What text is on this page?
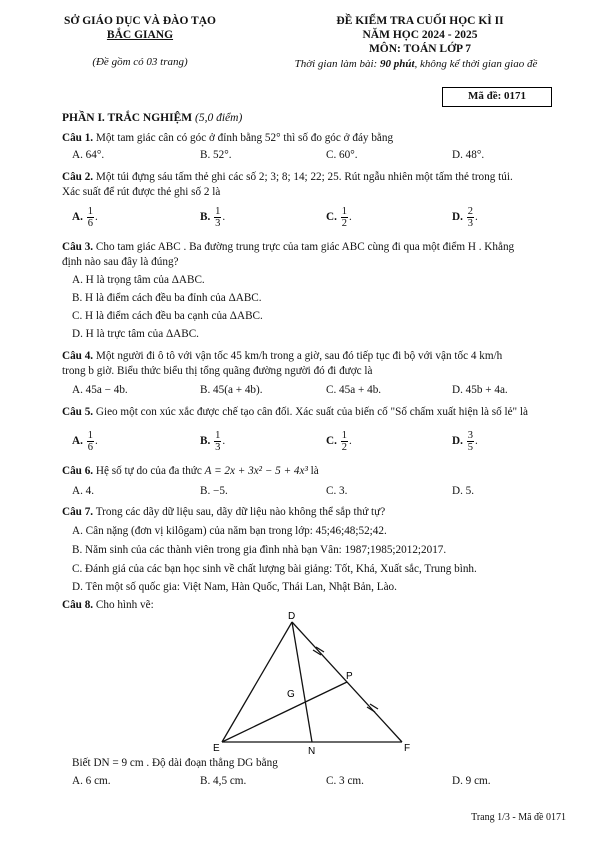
SỞ GIÁO DỤC VÀ ĐÀO TẠO
BẮC GIANG
(Đề gồm có 03 trang)
ĐỀ KIỂM TRA CUỐI HỌC KÌ II
NĂM HỌC 2024 - 2025
MÔN: TOÁN LỚP 7
Thời gian làm bài: 90 phút, không kể thời gian giao đề
Mã đề: 0171
PHẦN I. TRẮC NGHIỆM (5,0 điểm)
Câu 1. Một tam giác cân có góc ở đỉnh bằng 52° thì số đo góc ở đáy bằng
A. 64°.	B. 52°.	C. 60°.	D. 48°.
Câu 2. Một túi đựng sáu tấm thẻ ghi các số 2; 3; 8; 14; 22; 25. Rút ngẫu nhiên một tấm thẻ trong túi.
Xác suất để rút được thẻ ghi số 2 là
A. $\frac{1}{6}$ .	B. $\frac{1}{3}$ .	C. $\frac{1}{2}$ .	D. $\frac{2}{3}$ .
Câu 3. Cho tam giác ABC . Ba đường trung trực của tam giác ABC cùng đi qua một điểm H . Khẳng
định nào sau đây là đúng?
A. H là trọng tâm của ΔABC.
B. H là điểm cách đều ba đỉnh của ΔABC.
C. H là điểm cách đều ba cạnh của ΔABC.
D. H là trực tâm của ΔABC.
Câu 4. Một người đi ô tô với vận tốc 45 km/h trong a giờ, sau đó tiếp tục đi bộ với vận tốc 4 km/h
trong b giờ. Biểu thức biểu thị tổng quãng đường người đó đi được là
A. 45a − 4b.	B. 45(a + 4b).	C. 45a + 4b.	D. 45b + 4a.
Câu 5. Gieo một con xúc xắc được chế tạo cân đối. Xác suất của biến cố "Số chấm xuất hiện là số lẻ" là
A. $\frac{1}{6}$ .	B. $\frac{1}{3}$ .	C. $\frac{1}{2}$ .	D. $\frac{3}{5}$ .
Câu 6. Hệ số tự do của đa thức A = 2x + 3x² − 5 + 4x³ là
A. 4.	B. −5.	C. 3.	D. 5.
Câu 7. Trong các dãy dữ liệu sau, dãy dữ liệu nào không thể sắp thứ tự?
A. Cân nặng (đơn vị kilôgam) của năm bạn trong lớp: 45;46;48;52;42.
B. Năm sinh của các thành viên trong gia đình nhà bạn Vân: 1987;1985;2012;2017.
C. Đánh giá của các bạn học sinh về chất lượng bài giảng: Tốt, Khá, Xuất sắc, Trung bình.
D. Tên một số quốc gia: Việt Nam, Hàn Quốc, Thái Lan, Nhật Bản, Lào.
Câu 8. Cho hình vẽ:
D
E	F
N
P
G
Biết DN = 9 cm . Độ dài đoạn thẳng DG bằng
A. 6 cm.	B. 4,5 cm.	C. 3 cm.	D. 9 cm.
Trang 1/3 - Mã đề 0171
